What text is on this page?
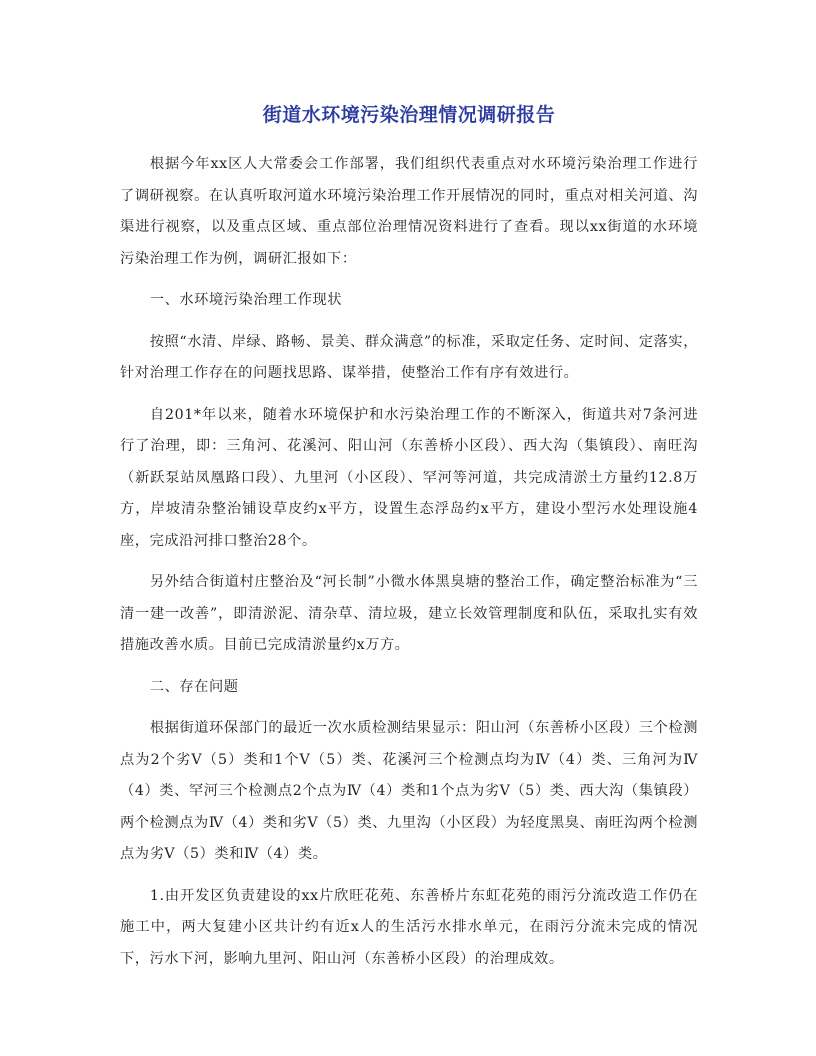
街道水环境污染治理情况调研报告

根据今年xx区人大常委会工作部署，我们组织代表重点对水环境污染治理工作进行了调研视察。在认真听取河道水环境污染治理工作开展情况的同时，重点对相关河道、沟渠进行视察，以及重点区域、重点部位治理情况资料进行了查看。现以xx街道的水环境污染治理工作为例，调研汇报如下：

一、水环境污染治理工作现状

按照“水清、岸绿、路畅、景美、群众满意”的标准，采取定任务、定时间、定落实，针对治理工作存在的问题找思路、谋举措，使整治工作有序有效进行。

自201*年以来，随着水环境保护和水污染治理工作的不断深入，街道共对7条河进行了治理，即：三角河、花溪河、阳山河（东善桥小区段）、西大沟（集镇段）、南旺沟（新跃泵站凤凰路口段）、九里河（小区段）、罕河等河道，共完成清淤土方量约12.8万方，岸坡清杂整治铺设草皮约x平方，设置生态浮岛约x平方，建设小型污水处理设施4座，完成沿河排口整治28个。

另外结合街道村庄整治及“河长制”小微水体黑臭塘的整治工作，确定整治标准为“三清一建一改善”，即清淤泥、清杂草、清垃圾，建立长效管理制度和队伍，采取扎实有效措施改善水质。目前已完成清淤量约x万方。

二、存在问题

根据街道环保部门的最近一次水质检测结果显示：阳山河（东善桥小区段）三个检测点为2个劣Ⅴ（5）类和1个Ⅴ（5）类、花溪河三个检测点均为Ⅳ（4）类、三角河为Ⅳ（4）类、罕河三个检测点2个点为Ⅳ（4）类和1个点为劣Ⅴ（5）类、西大沟（集镇段）两个检测点为Ⅳ（4）类和劣Ⅴ（5）类、九里沟（小区段）为轻度黑臭、南旺沟两个检测点为劣Ⅴ（5）类和Ⅳ（4）类。

1.由开发区负责建设的xx片欣旺花苑、东善桥片东虹花苑的雨污分流改造工作仍在施工中，两大复建小区共计约有近x人的生活污水排水单元，在雨污分流未完成的情况下，污水下河，影响九里河、阳山河（东善桥小区段）的治理成效。
